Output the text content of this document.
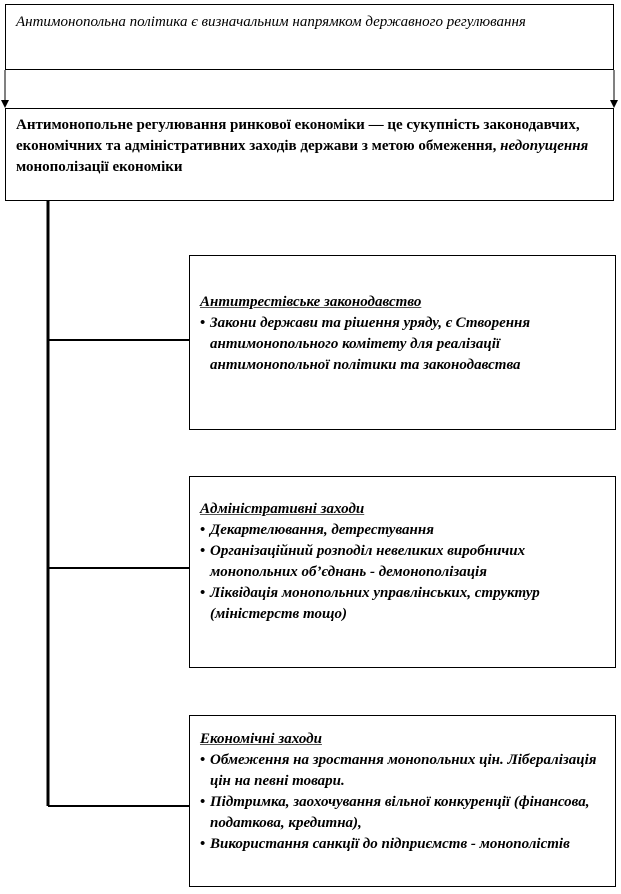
Антимонопольна політика є визначальним напрямком державного регулювання
Антимонопольне регулювання ринкової економіки — це сукупність законодавчих, економічних та адміністративних заходів держави з метою обмеження, недопущення монополізації економіки
Антитрестівське законодавство
• Закони держави та рішення уряду, є Створення антимонопольного комітету для реалізації антимонопольної політики та законодавства
Адміністративні заходи
• Декартелювання, детрестування
• Організаційний розподіл невеликих виробничих монопольних об’єднань - демонополізація
• Ліквідація монопольних управлінських, структур (міністерств тощо)
Економічні заходи
• Обмеження на зростання монопольних цін. Лібералізація цін на певні товари.
• Підтримка, заохочування вільної конкуренції (фінансова, податкова, кредитна),
• Використання санкції до підприємств - монополістів
